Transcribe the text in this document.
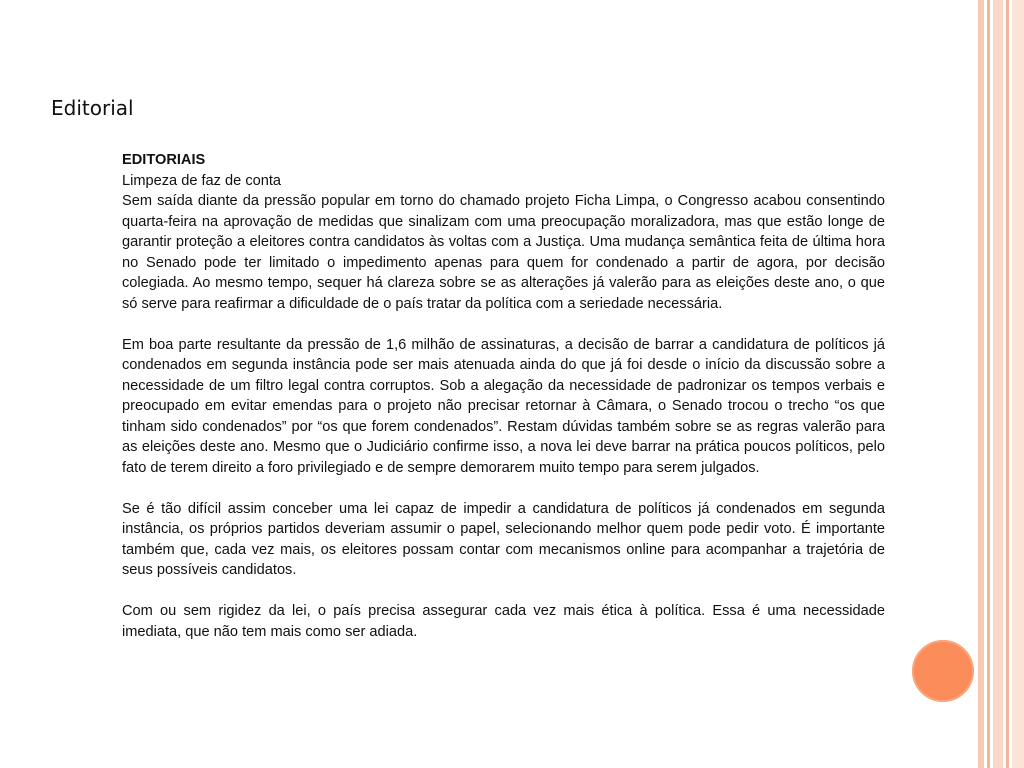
Editorial
EDITORIAIS
Limpeza de faz de conta

Sem saída diante da pressão popular em torno do chamado projeto Ficha Limpa, o Congresso acabou consentindo quarta-feira na aprovação de medidas que sinalizam com uma preocupação moralizadora, mas que estão longe de garantir proteção a eleitores contra candidatos às voltas com a Justiça. Uma mudança semântica feita de última hora no Senado pode ter limitado o impedimento apenas para quem for condenado a partir de agora, por decisão colegiada. Ao mesmo tempo, sequer há clareza sobre se as alterações já valerão para as eleições deste ano, o que só serve para reafirmar a dificuldade de o país tratar da política com a seriedade necessária.

Em boa parte resultante da pressão de 1,6 milhão de assinaturas, a decisão de barrar a candidatura de políticos já condenados em segunda instância pode ser mais atenuada ainda do que já foi desde o início da discussão sobre a necessidade de um filtro legal contra corruptos. Sob a alegação da necessidade de padronizar os tempos verbais e preocupado em evitar emendas para o projeto não precisar retornar à Câmara, o Senado trocou o trecho “os que tinham sido condenados” por “os que forem condenados”. Restam dúvidas também sobre se as regras valerão para as eleições deste ano. Mesmo que o Judiciário confirme isso, a nova lei deve barrar na prática poucos políticos, pelo fato de terem direito a foro privilegiado e de sempre demorarem muito tempo para serem julgados.

Se é tão difícil assim conceber uma lei capaz de impedir a candidatura de políticos já condenados em segunda instância, os próprios partidos deveriam assumir o papel, selecionando melhor quem pode pedir voto. É importante também que, cada vez mais, os eleitores possam contar com mecanismos online para acompanhar a trajetória de seus possíveis candidatos.

Com ou sem rigidez da lei, o país precisa assegurar cada vez mais ética à política. Essa é uma necessidade imediata, que não tem mais como ser adiada.
